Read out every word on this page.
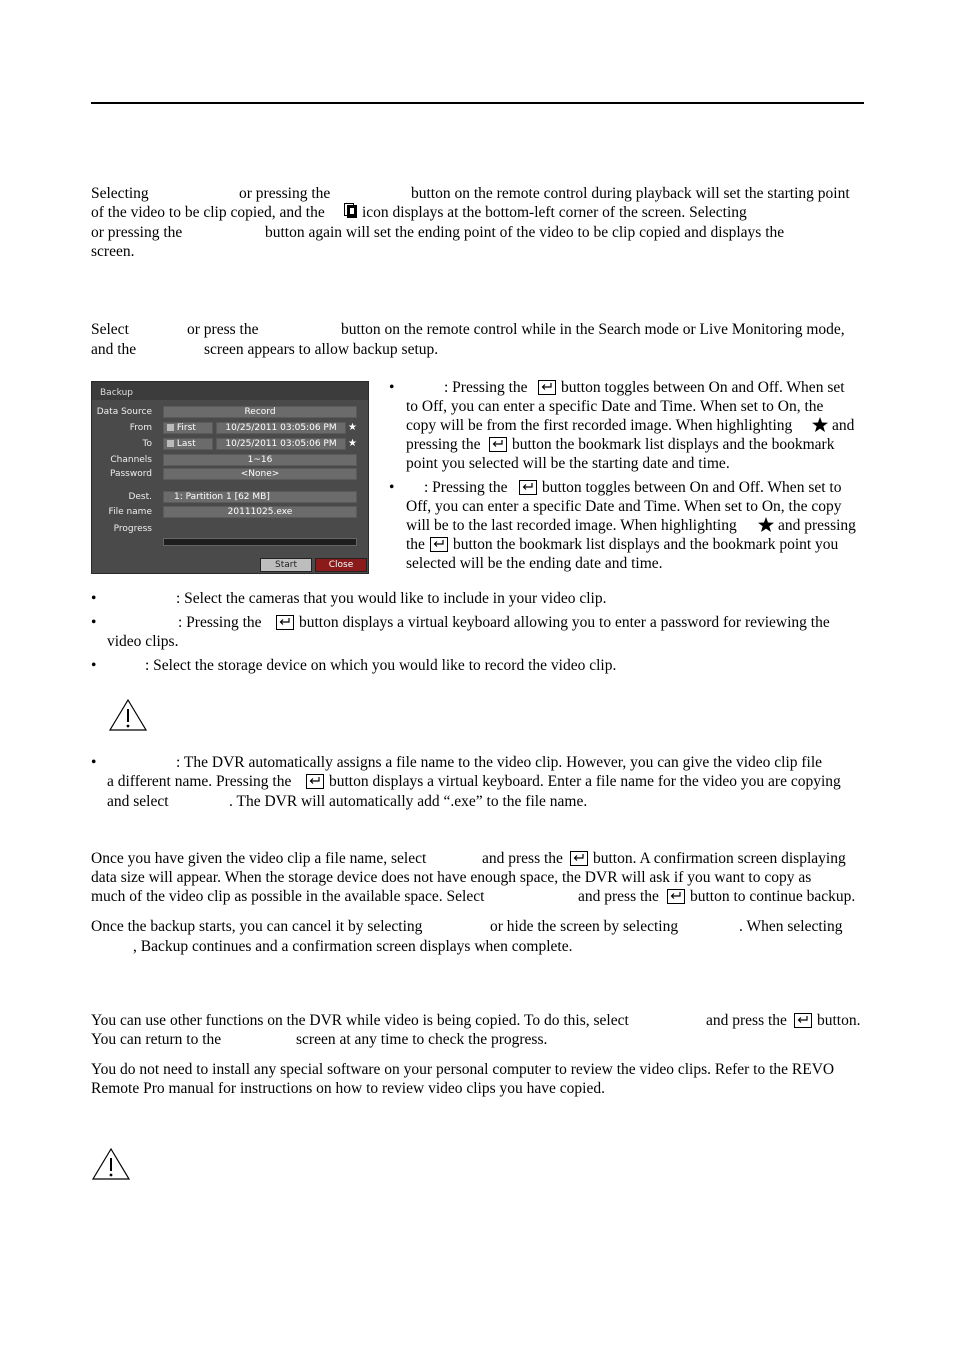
Selecting	or pressing the	button on the remote control during playback will set the starting point
of the video to be clip copied, and the icon displays at the bottom-left corner of the screen. Selecting
or pressing the	button again will set the ending point of the video to be clip copied and displays the
screen.
Select	or press the	button on the remote control while in the Search mode or Live Monitoring mode,
and the	screen appears to allow backup setup.
Backup
Data Source	Record
From	First	10/25/2011 03:05:06 PM	★
To	Last	10/25/2011 03:05:06 PM	★
Channels	1~16
Password	<None>
Dest.	1: Partition 1 [62 MB]
File name	20111025.exe
Progress
Start	Close
•	: Pressing the button toggles between On and Off. When set
to Off, you can enter a specific Date and Time. When set to On, the
copy will be from the first recorded image. When highlighting	and
pressing the button the bookmark list displays and the bookmark
point you selected will be the starting date and time.
• : Pressing the button toggles between On and Off. When set to
Off, you can enter a specific Date and Time. When set to On, the copy
will be to the last recorded image. When highlighting	and pressing
the button the bookmark list displays and the bookmark point you
selected will be the ending date and time.
•	: Select the cameras that you would like to include in your video clip.
•	: Pressing the button displays a virtual keyboard allowing you to enter a password for reviewing the
video clips.
•	: Select the storage device on which you would like to record the video clip.
•	: The DVR automatically assigns a file name to the video clip. However, you can give the video clip file
a different name. Pressing the button displays a virtual keyboard. Enter a file name for the video you are copying
and select	. The DVR will automatically add “.exe” to the file name.
Once you have given the video clip a file name, select	and press the button. A confirmation screen displaying
data size will appear. When the storage device does not have enough space, the DVR will ask if you want to copy as
much of the video clip as possible in the available space. Select	and press the button to continue backup.
Once the backup starts, you can cancel it by selecting	or hide the screen by selecting	. When selecting
, Backup continues and a confirmation screen displays when complete.
You can use other functions on the DVR while video is being copied. To do this, select	and press the button.
You can return to the	screen at any time to check the progress.
You do not need to install any special software on your personal computer to review the video clips. Refer to the REVO
Remote Pro manual for instructions on how to review video clips you have copied.
